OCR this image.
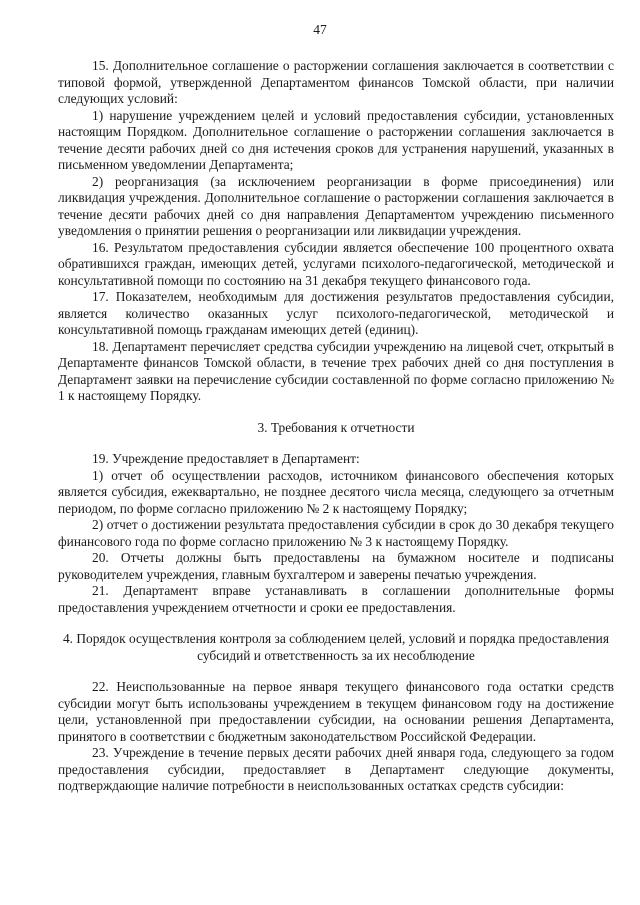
47

15. Дополнительное соглашение о расторжении соглашения заключается в соответствии с типовой формой, утвержденной Департаментом финансов Томской области, при наличии следующих условий:

1) нарушение учреждением целей и условий предоставления субсидии, установленных настоящим Порядком. Дополнительное соглашение о расторжении соглашения заключается в течение десяти рабочих дней со дня истечения сроков для устранения нарушений, указанных в письменном уведомлении Департамента;

2) реорганизация (за исключением реорганизации в форме присоединения) или ликвидация учреждения. Дополнительное соглашение о расторжении соглашения заключается в течение десяти рабочих дней со дня направления Департаментом учреждению письменного уведомления о принятии решения о реорганизации или ликвидации учреждения.

16. Результатом предоставления субсидии является обеспечение 100 процентного охвата обратившихся граждан, имеющих детей, услугами психолого-педагогической, методической и консультативной помощи по состоянию на 31 декабря текущего финансового года.

17. Показателем, необходимым для достижения результатов предоставления субсидии, является количество оказанных услуг психолого-педагогической, методической и консультативной помощь гражданам имеющих детей (единиц).

18. Департамент перечисляет средства субсидии учреждению на лицевой счет, открытый в Департаменте финансов Томской области, в течение трех рабочих дней со дня поступления в Департамент заявки на перечисление субсидии составленной по форме согласно приложению № 1 к настоящему Порядку.

3. Требования к отчетности

19. Учреждение предоставляет в Департамент:

1) отчет об осуществлении расходов, источником финансового обеспечения которых является субсидия, ежеквартально, не позднее десятого числа месяца, следующего за отчетным периодом, по форме согласно приложению № 2 к настоящему Порядку;

2) отчет о достижении результата предоставления субсидии в срок до 30 декабря текущего финансового года по форме согласно приложению № 3 к настоящему Порядку.

20. Отчеты должны быть предоставлены на бумажном носителе и подписаны руководителем учреждения, главным бухгалтером и заверены печатью учреждения.

21. Департамент вправе устанавливать в соглашении дополнительные формы предоставления учреждением отчетности и сроки ее предоставления.

4. Порядок осуществления контроля за соблюдением целей, условий и порядка предоставления субсидий и ответственность за их несоблюдение

22. Неиспользованные на первое января текущего финансового года остатки средств субсидии могут быть использованы учреждением в текущем финансовом году на достижение цели, установленной при предоставлении субсидии, на основании решения Департамента, принятого в соответствии с бюджетным законодательством Российской Федерации.

23. Учреждение в течение первых десяти рабочих дней января года, следующего за годом предоставления субсидии, предоставляет в Департамент следующие документы, подтверждающие наличие потребности в неиспользованных остатках средств субсидии:
